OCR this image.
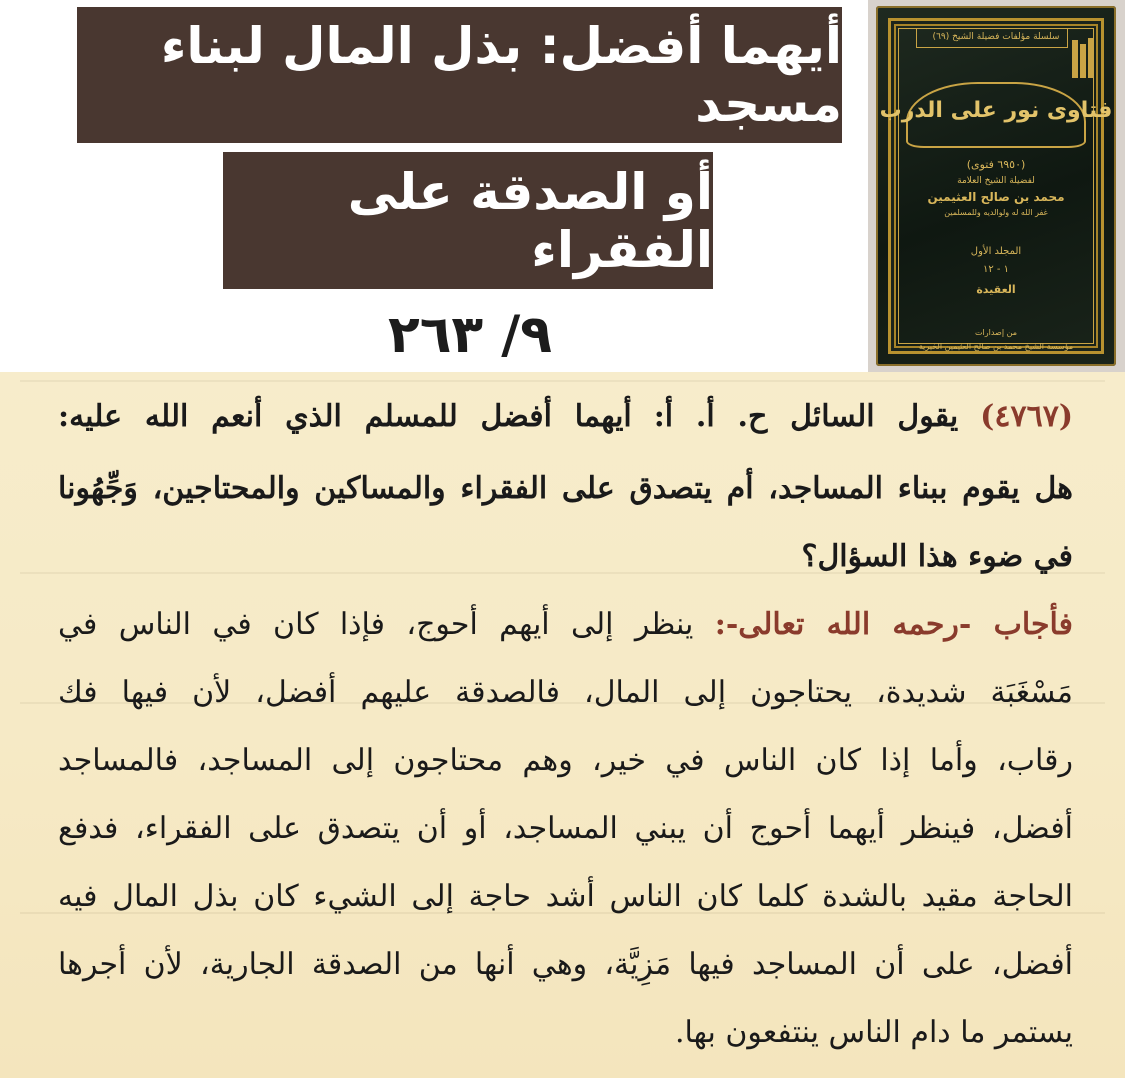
أيهما أفضل: بذل المال لبناء مسجد
أو الصدقة على الفقراء
٩/ ٢٦٣
سلسلة مؤلفات فضيلة الشيخ (٦٩)
فتاوى نور على الدرب
(٦٩٥٠ فتوى)
لفضيلة الشيخ العلامة
محمد بن صالح العثيمين
غفر الله له ولوالديه وللمسلمين
المجلد الأول
١ - ١٢
العقيدة
من إصدارات
مؤسسة الشيخ محمد بن صالح العثيمين الخيرية
(٤٧٦٧) يقول السائل ح. أ. أ: أيهما أفضل للمسلم الذي أنعم الله عليه:
هل يقوم ببناء المساجد، أم يتصدق على الفقراء والمساكين والمحتاجين، وَجِّهُونا
في ضوء هذا السؤال؟
فأجاب -رحمه الله تعالى-: ينظر إلى أيهم أحوج، فإذا كان في الناس في
مَسْغَبَة شديدة، يحتاجون إلى المال، فالصدقة عليهم أفضل، لأن فيها فك
رقاب، وأما إذا كان الناس في خير، وهم محتاجون إلى المساجد، فالمساجد
أفضل، فينظر أيهما أحوج أن يبني المساجد، أو أن يتصدق على الفقراء، فدفع
الحاجة مقيد بالشدة كلما كان الناس أشد حاجة إلى الشيء كان بذل المال فيه
أفضل، على أن المساجد فيها مَزِيَّة، وهي أنها من الصدقة الجارية، لأن أجرها
يستمر ما دام الناس ينتفعون بها.
